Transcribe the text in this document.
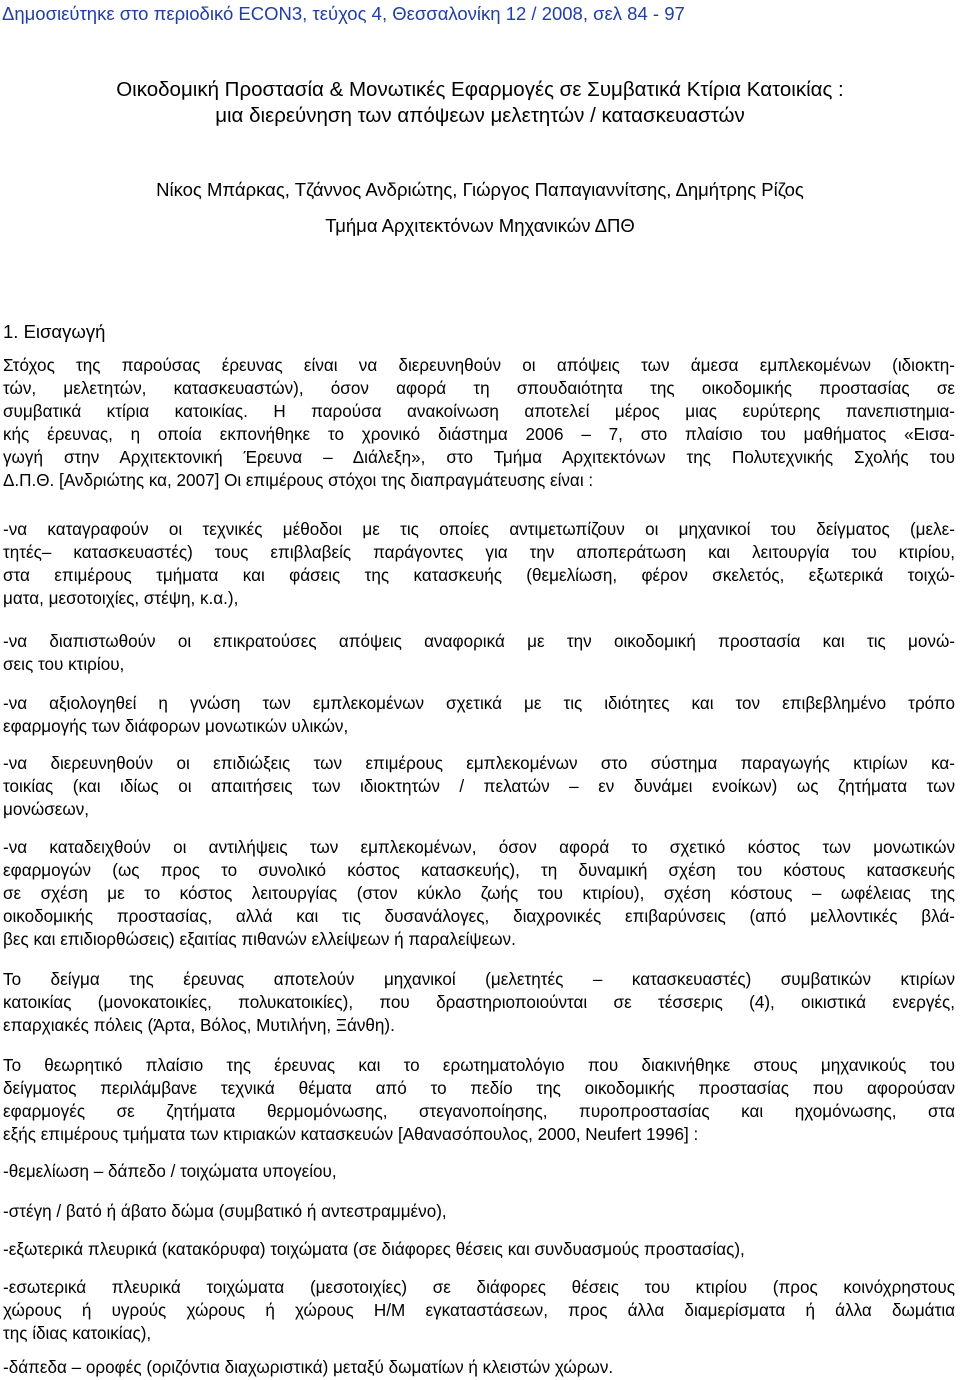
Δημοσιεύτηκε στο περιοδικό ECON3, τεύχος 4, Θεσσαλονίκη 12 / 2008, σελ 84 - 97
Οικοδομική Προστασία & Μονωτικές Εφαρμογές σε Συμβατικά Κτίρια Κατοικίας :
μια διερεύνηση των απόψεων μελετητών / κατασκευαστών
Νίκος Μπάρκας, Τζάννος Ανδριώτης, Γιώργος Παπαγιαννίτσης, Δημήτρης Ρίζος
Τμήμα Αρχιτεκτόνων Μηχανικών ΔΠΘ
1. Εισαγωγή

Στόχος της παρούσας έρευνας είναι να διερευνηθούν οι απόψεις των άμεσα εμπλεκομένων (ιδιοκτη-
τών, μελετητών, κατασκευαστών), όσον αφορά τη σπουδαιότητα της οικοδομικής προστασίας σε
συμβατικά κτίρια κατοικίας. Η παρούσα ανακοίνωση αποτελεί μέρος μιας ευρύτερης πανεπιστημια-
κής έρευνας, η οποία εκπονήθηκε το χρονικό διάστημα 2006 – 7, στο πλαίσιο του μαθήματος «Εισα-
γωγή στην Αρχιτεκτονική Έρευνα – Διάλεξη», στο Τμήμα Αρχιτεκτόνων της Πολυτεχνικής Σχολής του
Δ.Π.Θ. [Ανδριώτης κα, 2007] Οι επιμέρους στόχοι της διαπραγμάτευσης είναι :

-να καταγραφούν οι τεχνικές μέθοδοι με τις οποίες αντιμετωπίζουν οι μηχανικοί του δείγματος (μελε-
τητές– κατασκευαστές) τους επιβλαβείς παράγοντες για την αποπεράτωση και λειτουργία του κτιρίου,
στα επιμέρους τμήματα και φάσεις της κατασκευής (θεμελίωση, φέρον σκελετός, εξωτερικά τοιχώ-
ματα, μεσοτοιχίες, στέψη, κ.α.),

-να διαπιστωθούν οι επικρατούσες απόψεις αναφορικά με την οικοδομική προστασία και τις μονώ-
σεις του κτιρίου,

-να αξιολογηθεί η γνώση των εμπλεκομένων σχετικά με τις ιδιότητες και τον επιβεβλημένο τρόπο
εφαρμογής των διάφορων μονωτικών υλικών,

-να διερευνηθούν οι επιδιώξεις των επιμέρους εμπλεκομένων στο σύστημα παραγωγής κτιρίων κα-
τοικίας (και ιδίως οι απαιτήσεις των ιδιοκτητών / πελατών – εν δυνάμει ενοίκων) ως ζητήματα των
μονώσεων,

-να καταδειχθούν οι αντιλήψεις των εμπλεκομένων, όσον αφορά το σχετικό κόστος των μονωτικών
εφαρμογών (ως προς το συνολικό κόστος κατασκευής), τη δυναμική σχέση του κόστους κατασκευής
σε σχέση με το κόστος λειτουργίας (στον κύκλο ζωής του κτιρίου), σχέση κόστους – ωφέλειας της
οικοδομικής προστασίας, αλλά και τις δυσανάλογες, διαχρονικές επιβαρύνσεις (από μελλοντικές βλά-
βες και επιδιορθώσεις) εξαιτίας πιθανών ελλείψεων ή παραλείψεων.

Το δείγμα της έρευνας αποτελούν μηχανικοί (μελετητές – κατασκευαστές) συμβατικών κτιρίων
κατοικίας (μονοκατοικίες, πολυκατοικίες), που δραστηριοποιούνται σε τέσσερις (4), οικιστικά ενεργές,
επαρχιακές πόλεις (Άρτα, Βόλος, Μυτιλήνη, Ξάνθη).

Το θεωρητικό πλαίσιο της έρευνας και το ερωτηματολόγιο που διακινήθηκε στους μηχανικούς του
δείγματος περιλάμβανε τεχνικά θέματα από το πεδίο της οικοδομικής προστασίας που αφορούσαν
εφαρμογές σε ζητήματα θερμομόνωσης, στεγανοποίησης, πυροπροστασίας και ηχομόνωσης, στα
εξής επιμέρους τμήματα των κτιριακών κατασκευών [Αθανασόπουλος, 2000, Neufert 1996] :

-θεμελίωση – δάπεδο / τοιχώματα υπογείου,

-στέγη / βατό ή άβατο δώμα (συμβατικό ή αντεστραμμένο),

-εξωτερικά πλευρικά (κατακόρυφα) τοιχώματα (σε διάφορες θέσεις και συνδυασμούς προστασίας),

-εσωτερικά πλευρικά τοιχώματα (μεσοτοιχίες) σε διάφορες θέσεις του κτιρίου (προς κοινόχρηστους
χώρους ή υγρούς χώρους ή χώρους Η/Μ εγκαταστάσεων, προς άλλα διαμερίσματα ή άλλα δωμάτια
της ίδιας κατοικίας),

-δάπεδα – οροφές (οριζόντια διαχωριστικά) μεταξύ δωματίων ή κλειστών χώρων.
